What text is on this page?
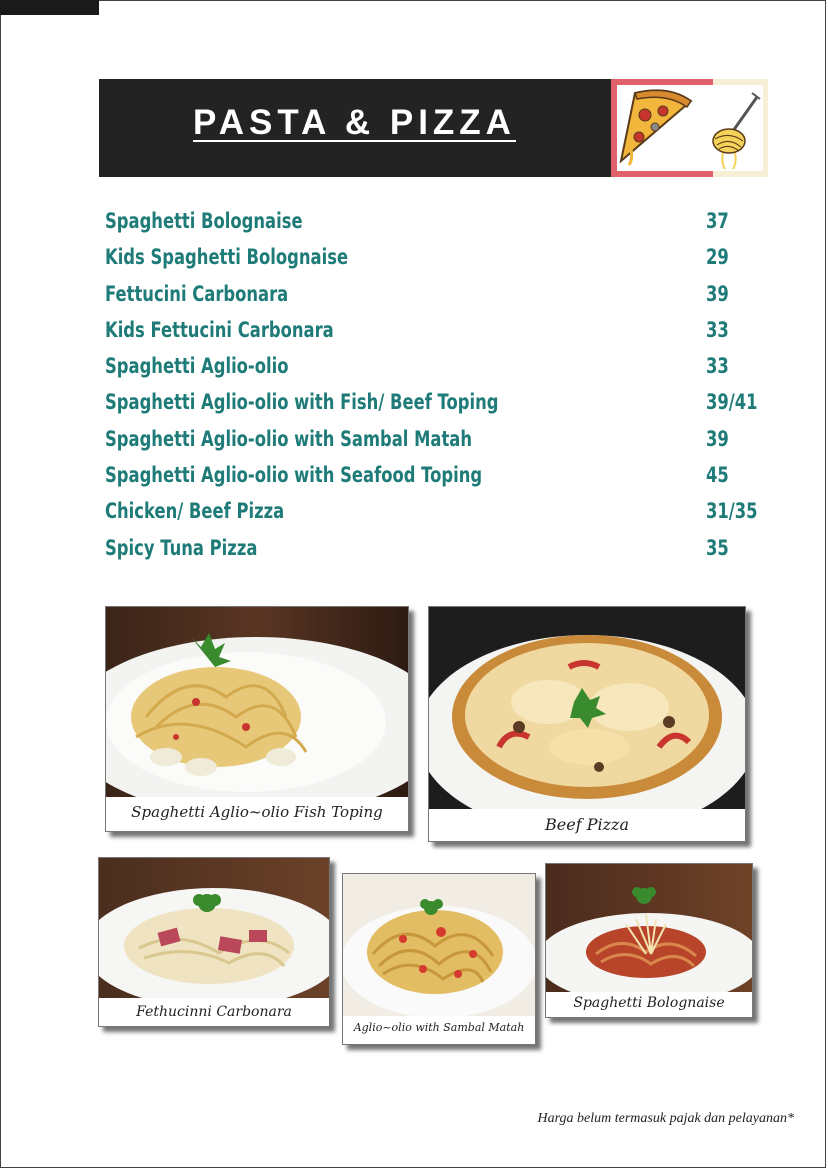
PASTA & PIZZA
Spaghetti Bolognaise	37
Kids Spaghetti Bolognaise	29
Fettucini Carbonara	39
Kids Fettucini Carbonara	33
Spaghetti Aglio-olio	33
Spaghetti Aglio-olio with Fish/ Beef Toping	39/41
Spaghetti Aglio-olio with Sambal Matah	39
Spaghetti Aglio-olio with Seafood Toping	45
Chicken/ Beef Pizza	31/35
Spicy Tuna Pizza	35
Spaghetti Aglio~olio Fish Toping
Beef Pizza
Fethucinni Carbonara
Aglio~olio with Sambal Matah
Spaghetti Bolognaise
Harga belum termasuk pajak dan pelayanan*
